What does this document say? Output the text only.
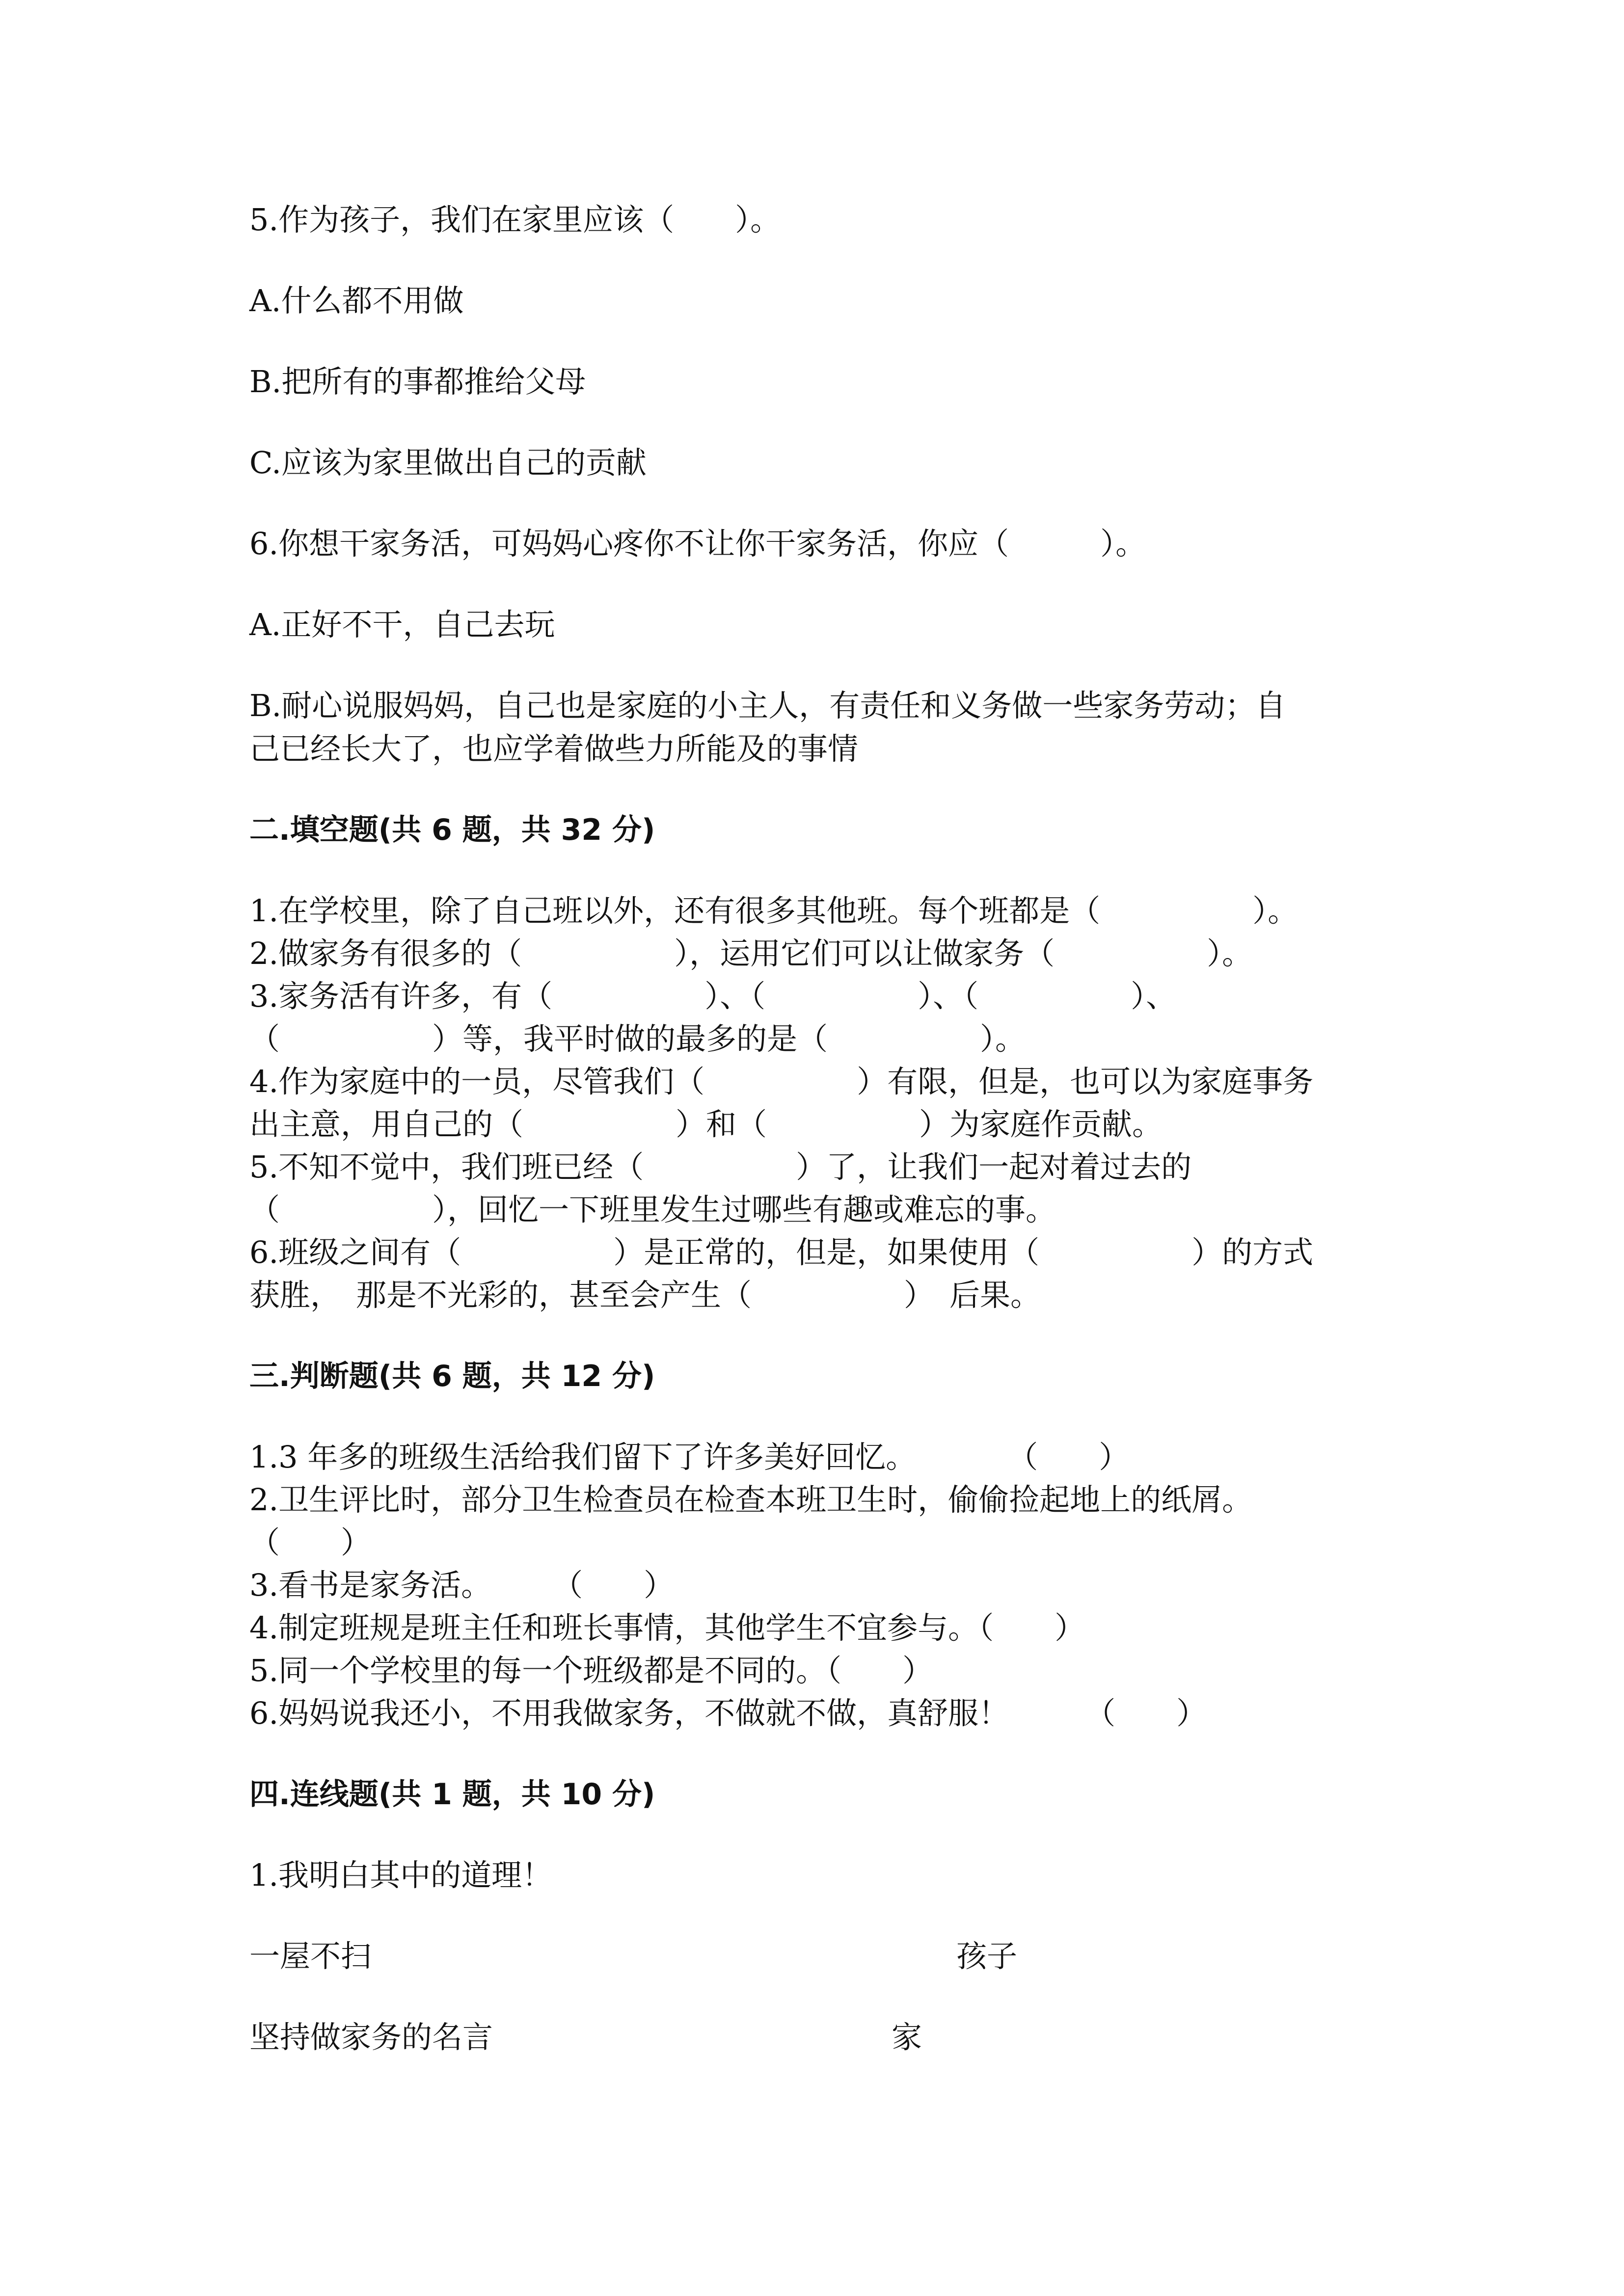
5.作为孩子，我们在家里应该（　　）。
A.什么都不用做
B.把所有的事都推给父母
C.应该为家里做出自己的贡献
6.你想干家务活，可妈妈心疼你不让你干家务活，你应（　　　）。
A.正好不干，自己去玩
B.耐心说服妈妈，自己也是家庭的小主人，有责任和义务做一些家务劳动；自
己已经长大了，也应学着做些力所能及的事情
二.填空题(共 6 题，共 32 分)
1.在学校里，除了自己班以外，还有很多其他班。每个班都是（　　　　　）。
2.做家务有很多的（　　　　　），运用它们可以让做家务（　　　　　）。
3.家务活有许多，有（　　　　　）、（　　　　　）、（　　　　　）、
（　　　　　）等，我平时做的最多的是（　　　　　）。
4.作为家庭中的一员，尽管我们（　　　　　）有限，但是，也可以为家庭事务
出主意，用自己的（　　　　　）和（　　　　　）为家庭作贡献。
5.不知不觉中，我们班已经（　　　　　）了，让我们一起对着过去的
（　　　　　），回忆一下班里发生过哪些有趣或难忘的事。
6.班级之间有（　　　　　）是正常的，但是，如果使用（　　　　　）的方式
获胜，　那是不光彩的，甚至会产生（　　　　　）　后果。
三.判断题(共 6 题，共 12 分)
1.3 年多的班级生活给我们留下了许多美好回忆。　　　　（　　）
2.卫生评比时，部分卫生检查员在检查本班卫生时，偷偷捡起地上的纸屑。
（　　）
3.看书是家务活。　　　（　　）
4.制定班规是班主任和班长事情，其他学生不宜参与。（　　）
5.同一个学校里的每一个班级都是不同的。（　　）
6.妈妈说我还小，不用我做家务，不做就不做，真舒服！　　　（　　）
四.连线题(共 1 题，共 10 分)
1.我明白其中的道理！
一屋不扫	孩子
坚持做家务的名言	家
